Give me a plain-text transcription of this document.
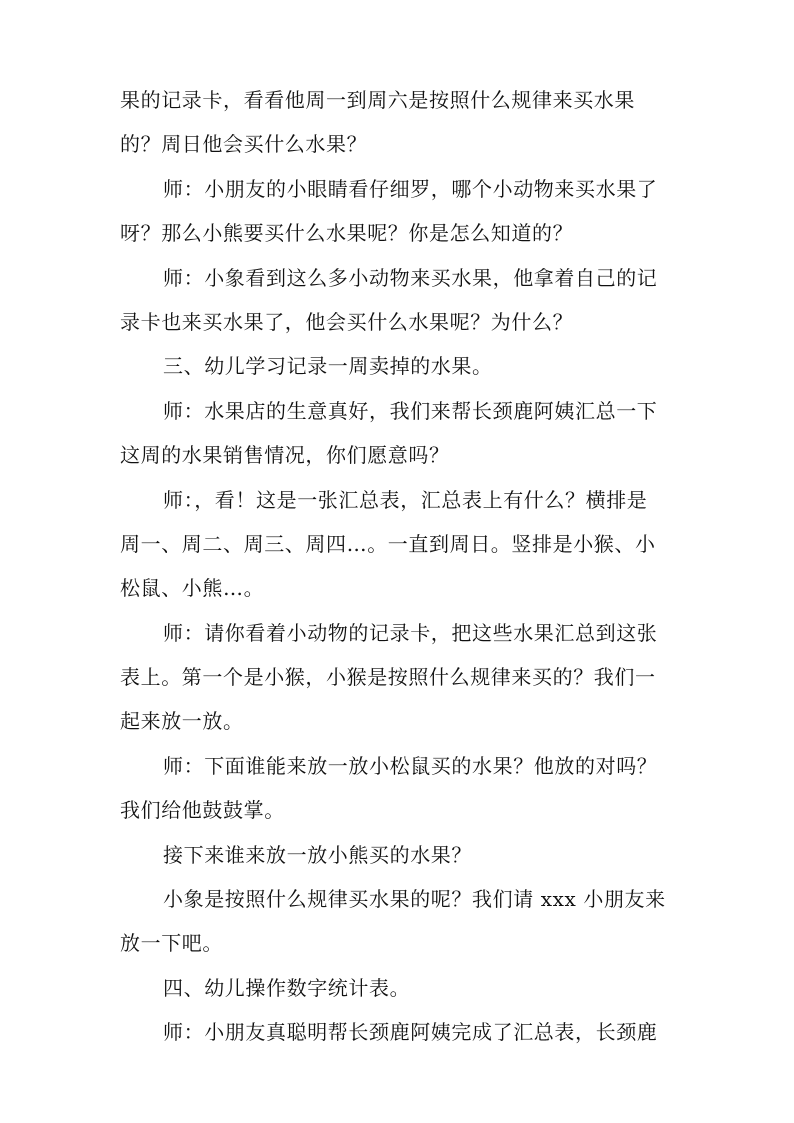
果的记录卡，看看他周一到周六是按照什么规律来买水果
的？周日他会买什么水果？
师：小朋友的小眼睛看仔细罗，哪个小动物来买水果了
呀？那么小熊要买什么水果呢？你是怎么知道的？
师：小象看到这么多小动物来买水果，他拿着自己的记
录卡也来买水果了，他会买什么水果呢？为什么？
三、幼儿学习记录一周卖掉的水果。
师：水果店的生意真好，我们来帮长颈鹿阿姨汇总一下
这周的水果销售情况，你们愿意吗？
师：，看！这是一张汇总表，汇总表上有什么？横排是
周一、周二、周三、周四…。一直到周日。竖排是小猴、小
松鼠、小熊…。
师：请你看着小动物的记录卡，把这些水果汇总到这张
表上。第一个是小猴，小猴是按照什么规律来买的？我们一
起来放一放。
师：下面谁能来放一放小松鼠买的水果？他放的对吗？
我们给他鼓鼓掌。
接下来谁来放一放小熊买的水果？
小象是按照什么规律买水果的呢？我们请 xxx 小朋友来
放一下吧。
四、幼儿操作数字统计表。
师：小朋友真聪明帮长颈鹿阿姨完成了汇总表，长颈鹿
